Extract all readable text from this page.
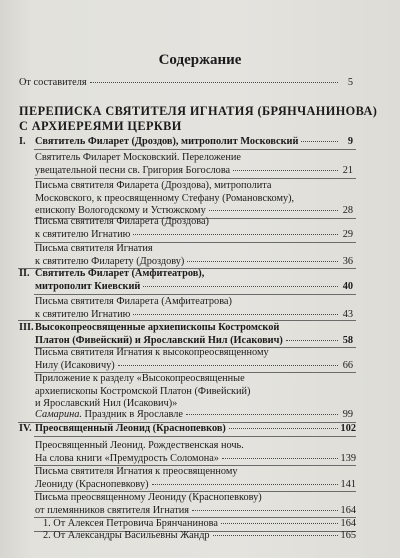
Содержание
От составителя	5
ПЕРЕПИСКА СВЯТИТЕЛЯ ИГНАТИЯ (БРЯНЧАНИНОВА)
С АРХИЕРЕЯМИ ЦЕРКВИ
I. Святитель Филарет (Дроздов), митрополит Московский	9
Святитель Филарет Московский. Переложение
увещательной песни св. Григория Богослова	21
Письма святителя Филарета (Дроздова), митрополита
Московского, к преосвященному Стефану (Романовскому),
епископу Вологодскому и Устюжскому	28
Письма святителя Филарета (Дроздова)
к святителю Игнатию	29
Письма святителя Игнатия
к святителю Филарету (Дроздову)	36
II. Святитель Филарет (Амфитеатров),
митрополит Киевский	40
Письма святителя Филарета (Амфитеатрова)
к святителю Игнатию	43
III. Высокопреосвященные архиепископы Костромской
Платон (Фивейский) и Ярославский Нил (Исакович)	58
Письма святителя Игнатия к высокопреосвященному
Нилу (Исаковичу)	66
Приложение к разделу «Высокопреосвященные
архиепископы Костромской Платон (Фивейский)
и Ярославский Нил (Исакович)»
Самарина. Праздник в Ярославле	99
IV. Преосвященный Леонид (Краснопевков)	102
Преосвященный Леонид. Рождественская ночь.
На слова книги «Премудрость Соломона»	139
Письма святителя Игнатия к преосвященному
Леониду (Краснопевкову)	141
Письма преосвященному Леониду (Краснопевкову)
от племянников святителя Игнатия	164
1. От Алексея Петровича Брянчанинова	164
2. От Александры Васильевны Жандр	165
